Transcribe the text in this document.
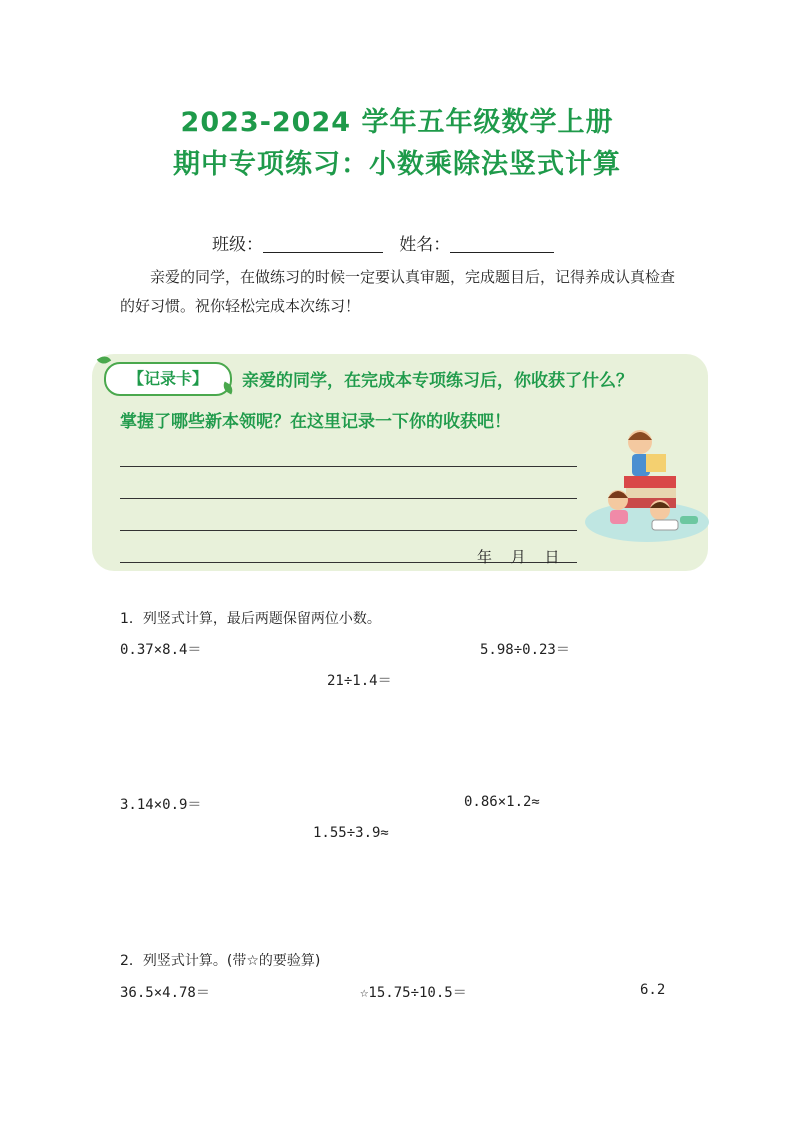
2023-2024 学年五年级数学上册
期中专项练习：小数乘除法竖式计算
班级：	姓名：
亲爱的同学，在做练习的时候一定要认真审题，完成题目后，记得养成认真检查的好习惯。祝你轻松完成本次练习！
【记录卡】	亲爱的同学，在完成本专项练习后，你收获了什么？
掌握了哪些新本领呢？在这里记录一下你的收获吧！
年 月 日
1．列竖式计算，最后两题保留两位小数。
0.37×8.4＝	5.98÷0.23＝
21÷1.4＝
3.14×0.9＝	0.86×1.2≈
1.55÷3.9≈
2．列竖式计算。(带☆的要验算)
36.5×4.78＝	☆15.75÷10.5＝	6.2
